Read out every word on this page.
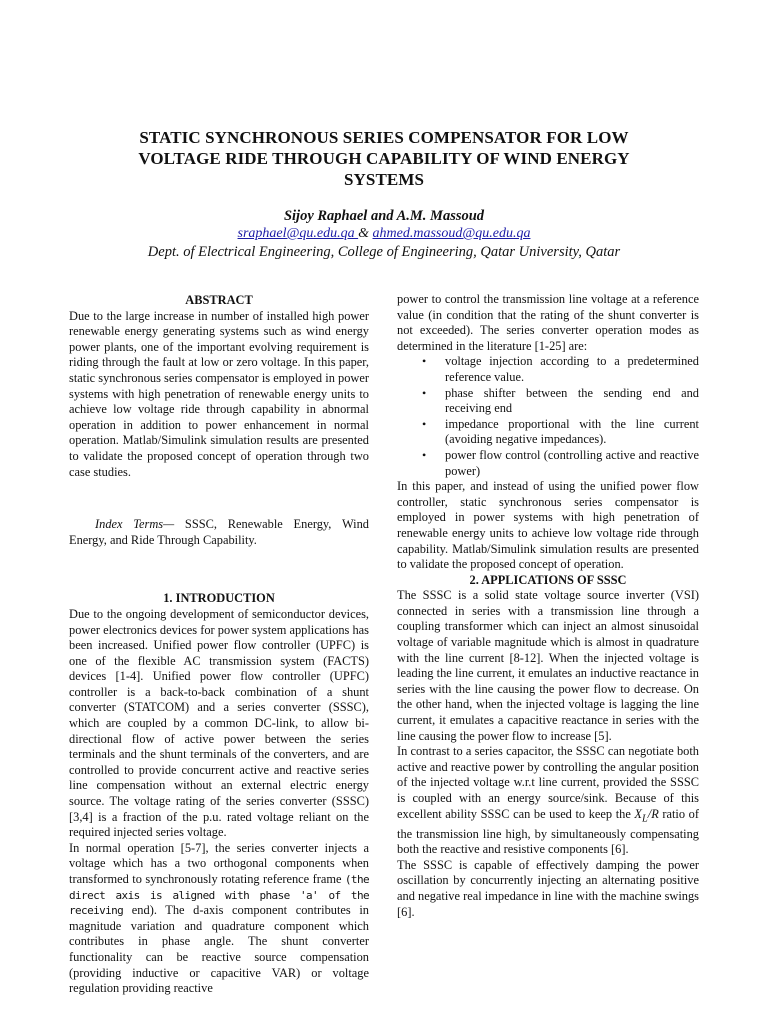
STATIC SYNCHRONOUS SERIES COMPENSATOR FOR LOW VOLTAGE RIDE THROUGH CAPABILITY OF WIND ENERGY SYSTEMS
Sijoy Raphael and A.M. Massoud
sraphael@qu.edu.qa & ahmed.massoud@qu.edu.qa
Dept. of Electrical Engineering, College of Engineering, Qatar University, Qatar

ABSTRACT

Due to the large increase in number of installed high power renewable energy generating systems such as wind energy power plants, one of the important evolving requirement is riding through the fault at low or zero voltage. In this paper, static synchronous series compensator is employed in power systems with high penetration of renewable energy units to achieve low voltage ride through capability in abnormal operation in addition to power enhancement in normal operation. Matlab/Simulink simulation results are presented to validate the proposed concept of operation through two case studies.

Index Terms— SSSC, Renewable Energy, Wind Energy, and Ride Through Capability.

1. INTRODUCTION

Due to the ongoing development of semiconductor devices, power electronics devices for power system applications has been increased. Unified power flow controller (UPFC) is one of the flexible AC transmission system (FACTS) devices [1-4]. Unified power flow controller (UPFC) controller is a back-to-back combination of a shunt converter (STATCOM) and a series converter (SSSC), which are coupled by a common DC-link, to allow bi-directional flow of active power between the series terminals and the shunt terminals of the converters, and are controlled to provide concurrent active and reactive series line compensation without an external electric energy source. The voltage rating of the series converter (SSSC) [3,4] is a fraction of the p.u. rated voltage reliant on the required injected series voltage.

In normal operation [5-7], the series converter injects a voltage which has a two orthogonal components when transformed to synchronously rotating reference frame (the direct axis is aligned with phase 'a' of the receiving end). The d-axis component contributes in magnitude variation and quadrature component which contributes in phase angle. The shunt converter functionality can be reactive source compensation (providing inductive or capacitive VAR) or voltage regulation providing reactive

power to control the transmission line voltage at a reference value (in condition that the rating of the shunt converter is not exceeded). The series converter operation modes as determined in the literature [1-25] are:

• voltage injection according to a predetermined reference value.
• phase shifter between the sending end and receiving end
• impedance proportional with the line current (avoiding negative impedances).
• power flow control (controlling active and reactive power)

In this paper, and instead of using the unified power flow controller, static synchronous series compensator is employed in power systems with high penetration of renewable energy units to achieve low voltage ride through capability. Matlab/Simulink simulation results are presented to validate the proposed concept of operation.

2. APPLICATIONS OF SSSC

The SSSC is a solid state voltage source inverter (VSI) connected in series with a transmission line through a coupling transformer which can inject an almost sinusoidal voltage of variable magnitude which is almost in quadrature with the line current [8-12]. When the injected voltage is leading the line current, it emulates an inductive reactance in series with the line causing the power flow to decrease. On the other hand, when the injected voltage is lagging the line current, it emulates a capacitive reactance in series with the line causing the power flow to increase [5].

In contrast to a series capacitor, the SSSC can negotiate both active and reactive power by controlling the angular position of the injected voltage w.r.t line current, provided the SSSC is coupled with an energy source/sink. Because of this excellent ability SSSC can be used to keep the $X_L/R$ ratio of the transmission line high, by simultaneously compensating both the reactive and resistive components [6].

The SSSC is capable of effectively damping the power oscillation by concurrently injecting an alternating positive and negative real impedance in line with the machine swings [6].
